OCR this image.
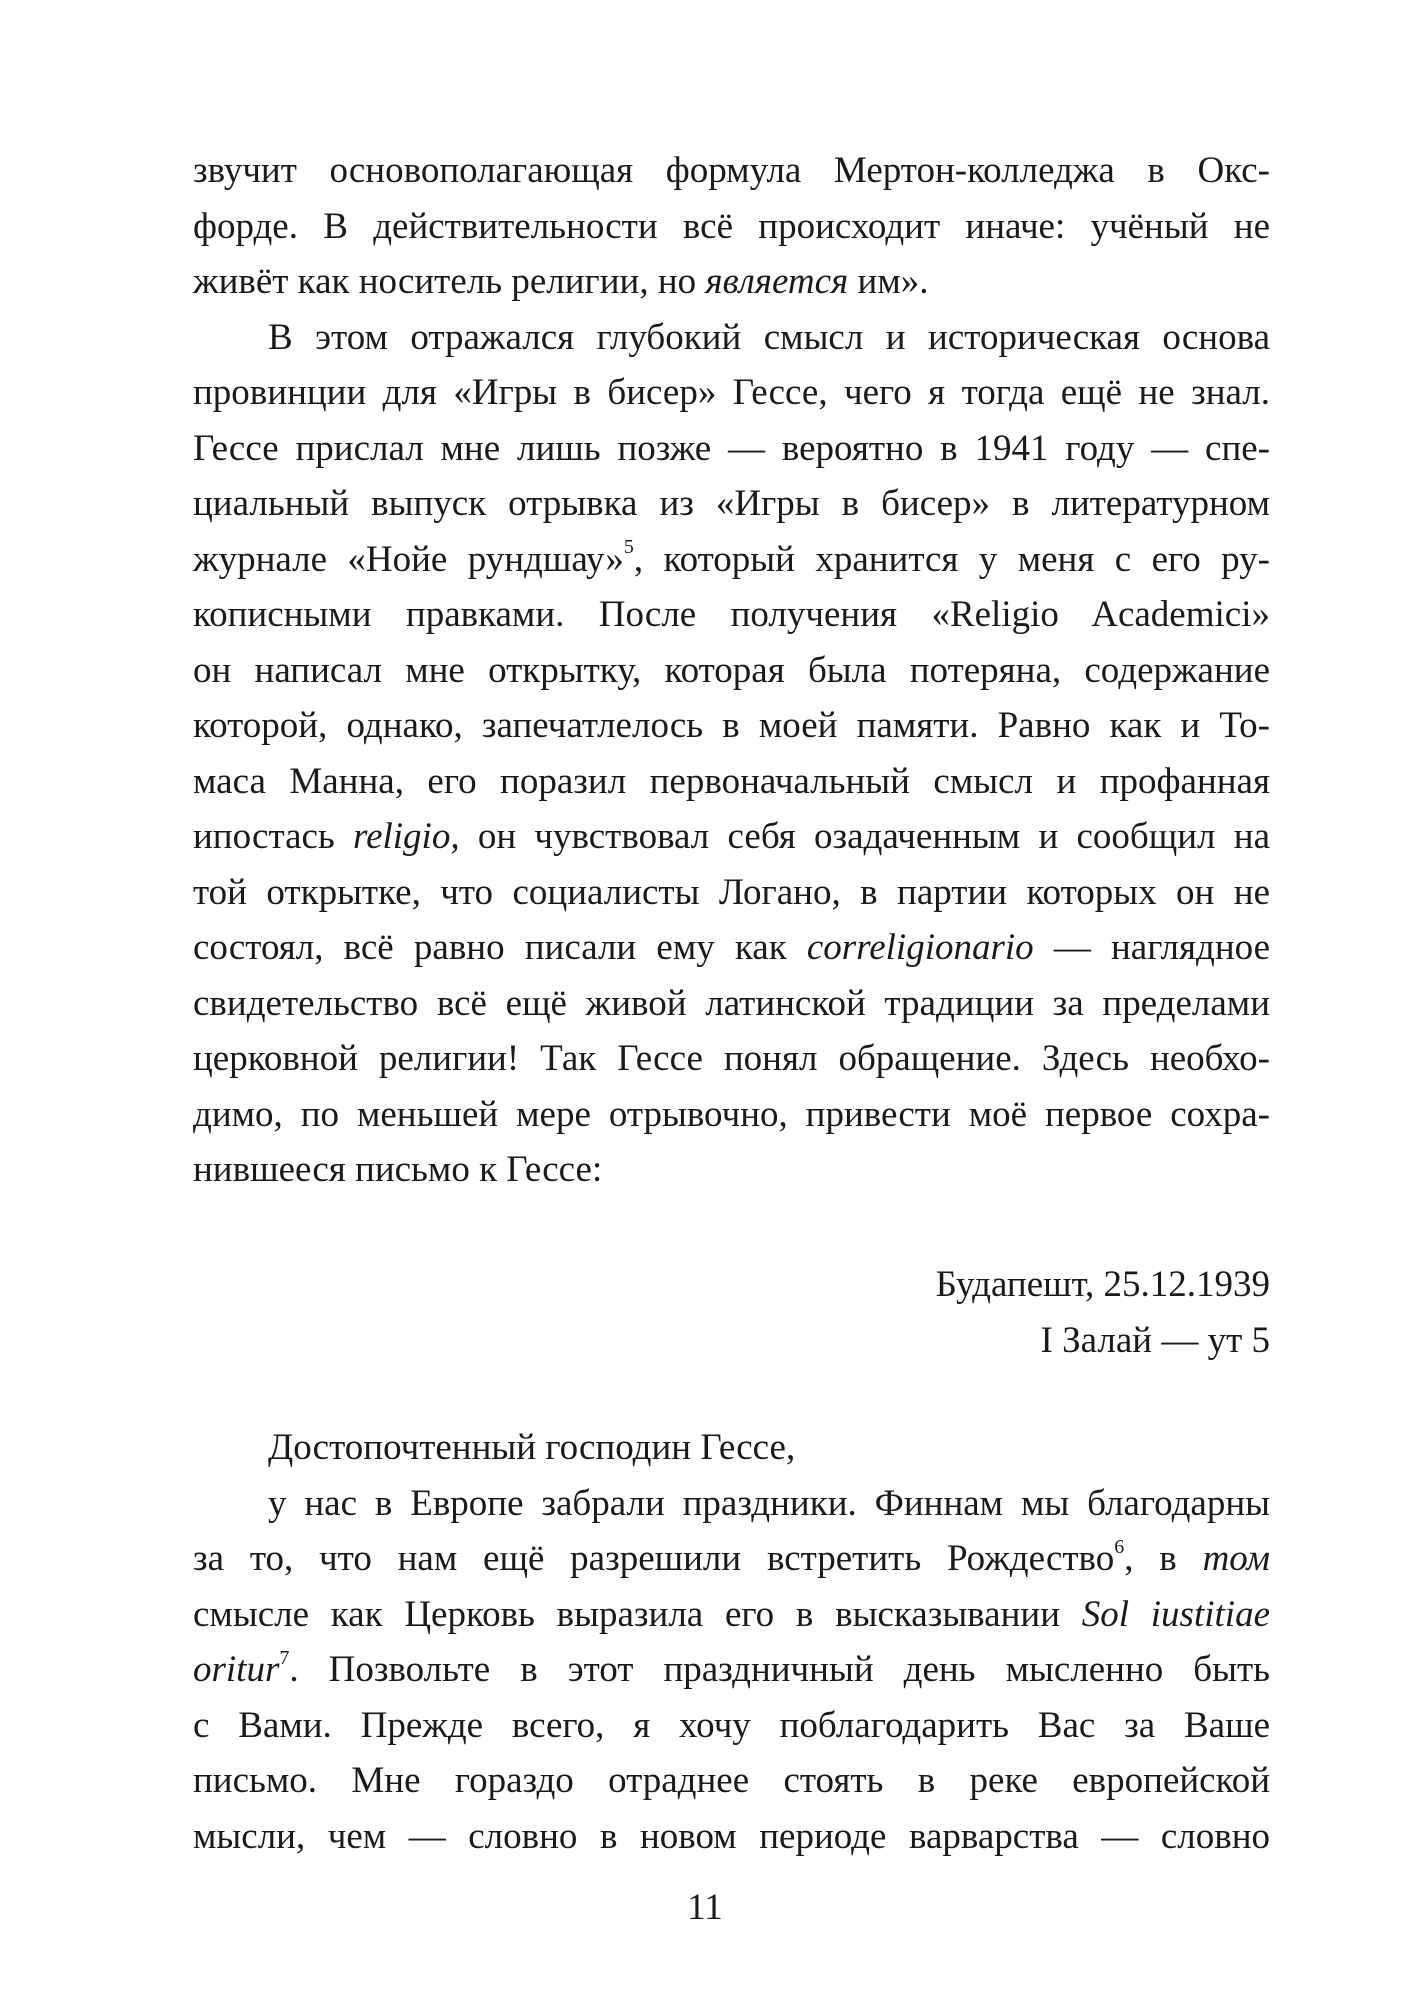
звучит основополагающая формула Мертон-колледжа в Окс-
форде. В действительности всё происходит иначе: учёный не
живёт как носитель религии, но является им».
В этом отражался глубокий смысл и историческая основа
провинции для «Игры в бисер» Гессе, чего я тогда ещё не знал.
Гессе прислал мне лишь позже — вероятно в 1941 году — спе-
циальный выпуск отрывка из «Игры в бисер» в литературном
журнале «Нойе рундшау»$^5$, который хранится у меня с его ру-
кописными правками. После получения «Religio Academici»
он написал мне открытку, которая была потеряна, содержание
которой, однако, запечатлелось в моей памяти. Равно как и То-
маса Манна, его поразил первоначальный смысл и профанная
ипостась religio, он чувствовал себя озадаченным и сообщил на
той открытке, что социалисты Логано, в партии которых он не
состоял, всё равно писали ему как correligionario — наглядное
свидетельство всё ещё живой латинской традиции за пределами
церковной религии! Так Гессе понял обращение. Здесь необхо-
димо, по меньшей мере отрывочно, привести моё первое сохра-
нившееся письмо к Гессе:
Будапешт, 25.12.1939
I Залай — ут 5
Достопочтенный господин Гессе,
у нас в Европе забрали праздники. Финнам мы благодарны
за то, что нам ещё разрешили встретить Рождество$^6$, в том
смысле как Церковь выразила его в высказывании Sol iustitiae
oritur$^7$. Позвольте в этот праздничный день мысленно быть
с Вами. Прежде всего, я хочу поблагодарить Вас за Ваше
письмо. Мне гораздо отраднее стоять в реке европейской
мысли, чем — словно в новом периоде варварства — словно
11
